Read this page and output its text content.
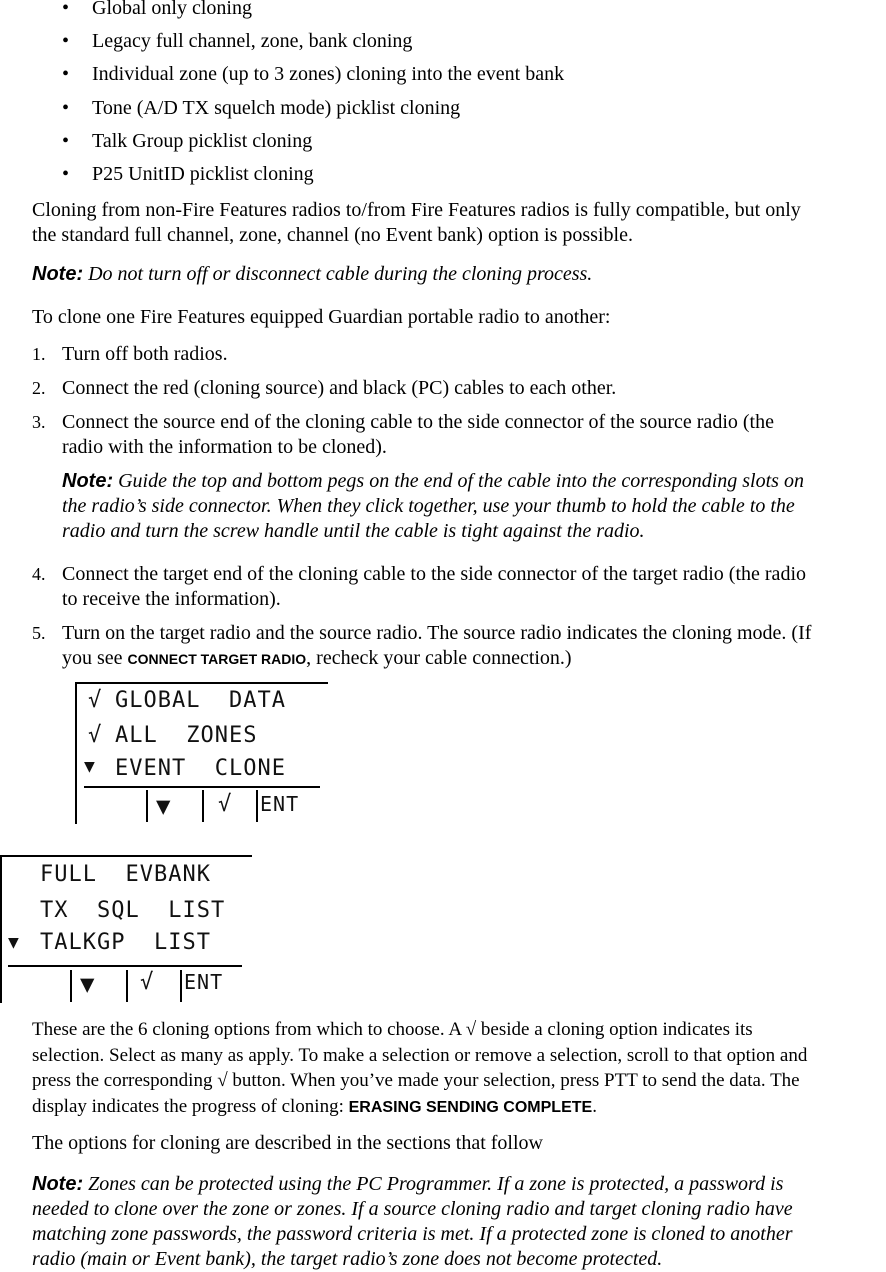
• Global only cloning
• Legacy full channel, zone, bank cloning
• Individual zone (up to 3 zones) cloning into the event bank
• Tone (A/D TX squelch mode) picklist cloning
• Talk Group picklist cloning
• P25 UnitID picklist cloning
Cloning from non-Fire Features radios to/from Fire Features radios is fully compatible, but only
the standard full channel, zone, channel (no Event bank) option is possible.
Note: Do not turn off or disconnect cable during the cloning process.
To clone one Fire Features equipped Guardian portable radio to another:
1. Turn off both radios.
2. Connect the red (cloning source) and black (PC) cables to each other.
3. Connect the source end of the cloning cable to the side connector of the source radio (the
radio with the information to be cloned).
Note: Guide the top and bottom pegs on the end of the cable into the corresponding slots on
the radio’s side connector. When they click together, use your thumb to hold the cable to the
radio and turn the screw handle until the cable is tight against the radio.
4. Connect the target end of the cloning cable to the side connector of the target radio (the radio
to receive the information).
5. Turn on the target radio and the source radio. The source radio indicates the cloning mode. (If
you see CONNECT TARGET RADIO, recheck your cable connection.)
√ GLOBAL  DATA
√ ALL  ZONES
▼ EVENT  CLONE
▼ √ ENT
FULL  EVBANK
TX  SQL  LIST
▼ TALKGP  LIST
▼ √ ENT
These are the 6 cloning options from which to choose. A √ beside a cloning option indicates its
selection. Select as many as apply. To make a selection or remove a selection, scroll to that option and
press the corresponding √ button. When you’ve made your selection, press PTT to send the data. The
display indicates the progress of cloning: ERASING SENDING COMPLETE.
The options for cloning are described in the sections that follow
Note: Zones can be protected using the PC Programmer. If a zone is protected, a password is
needed to clone over the zone or zones. If a source cloning radio and target cloning radio have
matching zone passwords, the password criteria is met. If a protected zone is cloned to another
radio (main or Event bank), the target radio’s zone does not become protected.
